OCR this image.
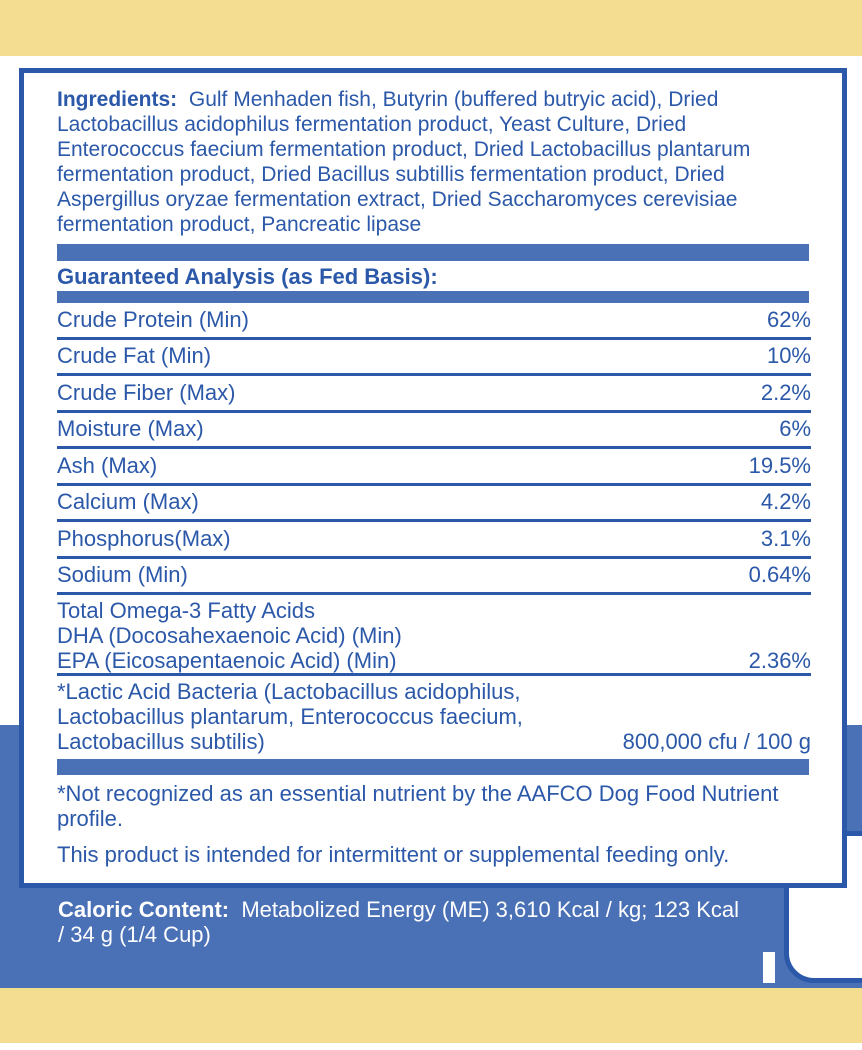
Ingredients: Gulf Menhaden fish, Butyrin (buffered butryic acid), Dried Lactobacillus acidophilus fermentation product, Yeast Culture, Dried Enterococcus faecium fermentation product, Dried Lactobacillus plantarum fermentation product, Dried Bacillus subtillis fermentation product, Dried Aspergillus oryzae fermentation extract, Dried Saccharomyces cerevisiae fermentation product, Pancreatic lipase

Guaranteed Analysis (as Fed Basis):
Crude Protein (Min)	62%
Crude Fat (Min)	10%
Crude Fiber (Max)	2.2%
Moisture (Max)	6%
Ash (Max)	19.5%
Calcium (Max)	4.2%
Phosphorus(Max)	3.1%
Sodium (Min)	0.64%
Total Omega-3 Fatty Acids
DHA (Docosahexaenoic Acid) (Min)
EPA (Eicosapentaenoic Acid) (Min)	2.36%
*Lactic Acid Bacteria (Lactobacillus acidophilus,
Lactobacillus plantarum, Enterococcus faecium,
Lactobacillus subtilis)	800,000 cfu / 100 g

*Not recognized as an essential nutrient by the AAFCO Dog Food Nutrient profile.

This product is intended for intermittent or supplemental feeding only.

Caloric Content: Metabolized Energy (ME) 3,610 Kcal / kg; 123 Kcal / 34 g (1/4 Cup)
